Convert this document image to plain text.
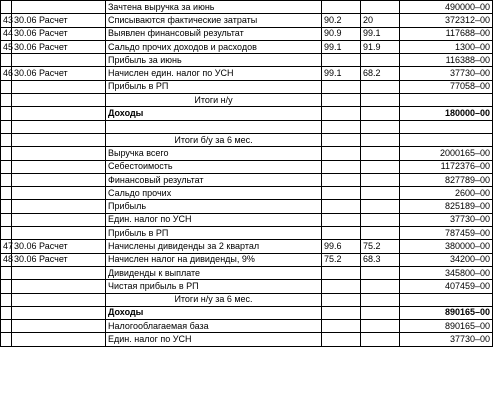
		Зачтена выручка за июнь			490000–00
43	30.06 Расчет	Списываются фактические затраты	90.2	20	372312–00
44	30.06 Расчет	Выявлен финансовый результат	90.9	99.1	117688–00
45	30.06 Расчет	Сальдо прочих доходов и расходов	99.1	91.9	1300–00
		Прибыль за июнь			116388–00
46	30.06 Расчет	Начислен един. налог по УСН	99.1	68.2	37730–00
		Прибыль в РП			77058–00
		Итоги н/у			
		Доходы			180000–00

		Итоги б/у за 6 мес.			
		Выручка всего			2000165–00
		Себестоимость			1172376–00
		Финансовый результат			827789–00
		Сальдо прочих			2600–00
		Прибыль			825189–00
		Един. налог по УСН			37730–00
		Прибыль в РП			787459–00
47	30.06 Расчет	Начислены дивиденды за 2 квартал	99.6	75.2	380000–00
48	30.06 Расчет	Начислен налог на дивиденды, 9%	75.2	68.3	34200–00
		Дивиденды к выплате			345800–00
		Чистая прибыль в РП			407459–00
		Итоги н/у за 6 мес.			
		Доходы			890165–00
		Налогооблагаемая база			890165–00
		Един. налог по УСН			37730–00
